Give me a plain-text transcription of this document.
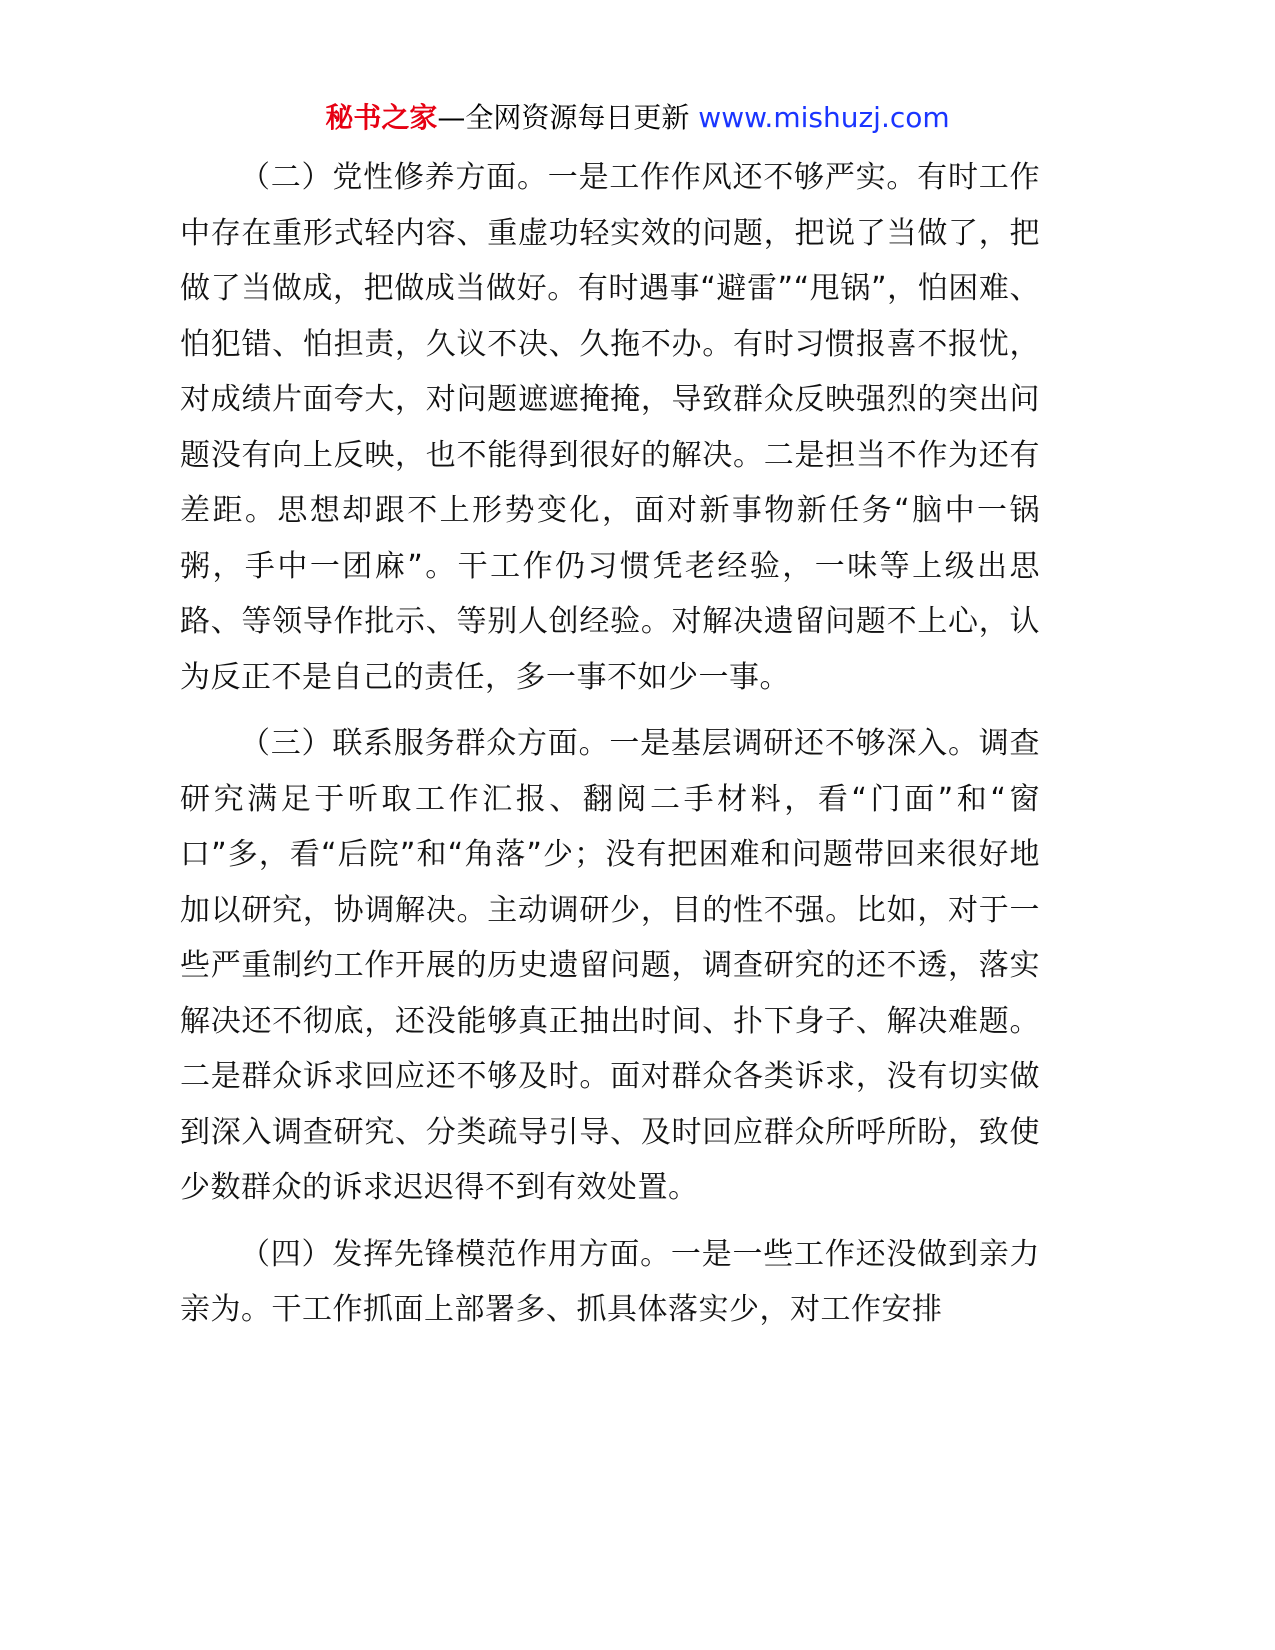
秘书之家—全网资源每日更新 www.mishuzj.com

（二）党性修养方面。一是工作作风还不够严实。有时工作中存在重形式轻内容、重虚功轻实效的问题，把说了当做了，把做了当做成，把做成当做好。有时遇事“避雷”“甩锅”，怕困难、怕犯错、怕担责，久议不决、久拖不办。有时习惯报喜不报忧，对成绩片面夸大，对问题遮遮掩掩，导致群众反映强烈的突出问题没有向上反映，也不能得到很好的解决。二是担当不作为还有差距。思想却跟不上形势变化，面对新事物新任务“脑中一锅粥，手中一团麻”。干工作仍习惯凭老经验，一味等上级出思路、等领导作批示、等别人创经验。对解决遗留问题不上心，认为反正不是自己的责任，多一事不如少一事。

（三）联系服务群众方面。一是基层调研还不够深入。调查研究满足于听取工作汇报、翻阅二手材料，看“门面”和“窗口”多，看“后院”和“角落”少；没有把困难和问题带回来很好地加以研究，协调解决。主动调研少，目的性不强。比如，对于一些严重制约工作开展的历史遗留问题，调查研究的还不透，落实解决还不彻底，还没能够真正抽出时间、扑下身子、解决难题。二是群众诉求回应还不够及时。面对群众各类诉求，没有切实做到深入调查研究、分类疏导引导、及时回应群众所呼所盼，致使少数群众的诉求迟迟得不到有效处置。

（四）发挥先锋模范作用方面。一是一些工作还没做到亲力亲为。干工作抓面上部署多、抓具体落实少，对工作安排
